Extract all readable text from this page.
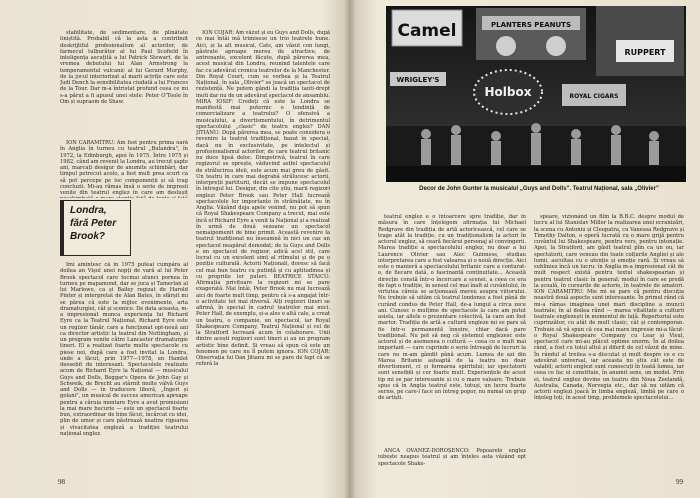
stabilitate, de sedimentare, de plinătate liniștită. Probabil că la asta a contribuit deskrijtiful profesionalism al actorilor, de farmecul tulburător al lui Paul Scofield în inteligența ascuțită a lui Patrick Stewart, de la vremea debutului lui Alan Armstrong la temperamentul vulcanic al lui Gerard Murphy, de la jocul interiorizat al marii actrițe care este Judi Dench la sensibilitatea ciudată a lui Frances de la Tour. Dar m-a întristat profund ceea ce mi s-a părut a fi apusul unei stele: Peter O'Toole în Om și supraom de Shaw.

ION CARAMITRU: Am fost pentru prima oară în Anglia în turneu cu teatrul „Bulandra", în 1972, la Edinburgh, apoi în 1975. Între 1975 și 1982, când am revenit la Londra, au trecut șapte ani, marcați desigur de anumite schimbări, dar timpul petrecut acolo, a fost mult prea scurt ca să pot percepe pe loc componenții și să trag concluzii. Mi-au rămas însă o serie de impresii venite din teatrul englez în care am deslușit

Londra, fără Peter Brook?

Îmi amintesc că în 1975 puteai cumpăra al doilea an Vișul unei nopți de vară al lui Peter Brook spectacol care tocmai atunci pornea în turneu pe mapamond, dar se juca și Tamerlan al lui Marlowe, ca și Bailey regizat de Harold Pinter și interpretat de Alan Bates, în sfârșit mi se părea că este la mijloc evenimente, arta dramaturgiei, cât și scenice. De data aceasta, m-a impresionat munca experiența lui Richard Eyre ca la Teatrul Național. Richard Eyre este un regizor tânăr, care a funcționat opt-nouă ani ca director artistic la teatrul din Nottingham, și un program venite către Lancaster dramaturgie tineri. El a realizat foarte multe spectacole cu piese noi, după care a fost invitat la Londra, unde a făcut, prin 1977—1978, un Hamlet deosebit de interesant. Spectacolele realizate acum de Richard Eyre la Național — musicalul Guys and Dolls, Beggar's Opera de John Gay și Schweik, de Brecht au stârnit multe vâlvă Guys and Dolls — în traducere liberă, „Îngeri și golani", un musical de succes american aproape pentru a căruia montare Eyre a avut promisiuni la mai mare bucurie — este un spectacol foarte bun, extraordinar de bine făcut, încărcat cu idei, plin de umor și care păstrează neatins rigoarea și vivacitatea engleză a tradiției teatrului național englez.

ION COJAR: Am văzut și eu Guys and Dolls, după ce mai întâi mă trimisese un trio teatrele bune. Aici, și la alt musical, Cats, am văzut con lungi, păstrate aproape mereu de atractive, de antrenante, excelent făcute, după părerea mea, acest musical din Londra, reunind talentele care fac cu adevărat cronica teatrelor de la Manchester. Din Royal Court, cum se vorbea și la Teatrul Național, în sala „Olivier" se joacă un spectacol de rezistență. Ne putem gândi la tradiția tanti-drept inuti dar nu de un adevărat spectacol de ansamblu. MIRA IOSIF: Credeți că este la Londra se manifestă mai puternic o tendință de comercializare a teatrului? O ofensivă a musicalului, a divertismentului, în detrimentul spectacolului „clasic" de teatru englez? DAN JITIANU: După părerea mea, se poate considera o revenire la teatrul tradițional, bazat în special, dacă nu în exclusivitate, pe intelectul și profesionalismul actorilor, de care teatrul britanic nu duce lipsă deloc. Dimpotrivă, teatrul în care regizorul se oprește, văduvind astfel spectacolul de strălucirea ideii, este acum mai greu de găsit. Un teatru în care mai degrabă strălucesc actorii, interpreții partiturii, decât se impune spectacolul în întregul lui. Desigur, din cite știu, marii regizori englezi Peter Brook sau Peter Hall lucrează spectacolele lor importante în străinătate, nu în Anglia. Văzând deja apele venind, nu pot să spun că Royal Shakespeare Company a trecut, mai este încă el Richard Eyre a venit la Național și a realizat în urmă de două sezoane un spectacol nemaipomenit de bine primit. Această revenire la teatrul tradițional nu înseamnă în nici un caz un spectacol neapărat demodat; de la Guys and Dolls e un spectacol de regizor, adică acel stil, care lucrat cu un excelent simț al ritmului și de pe o poziție culturală. Actorii Naționali, doresc să facă cel mai bun teatru cu putință și cu aptitudinea și cu propriile lor puteri. BEATRICE STAICU: Afirmația privitoare la regizori mi se pare exagerată. Mai întâi, Peter Brook nu mai lucrează aici de foarte mult timp, pentru că s-a angajat într-o activitate tot mai diversă. Alți regizori tineri se afirmă, în special în cadrul teatrelor mai mici. Peter Hall, de exemplu, și-a ales o altă cale, a creat un teatru, o companie, un spectacol, iar Royal Shakespeare Company, Teatrul Național și cel de la Stratford lucrează acum în colaborare. Unii dintre acești regizori sunt tineri și au un program artistic bine definit. Și vreau să spun că este un fenomen pe care nu îl putem ignora. ION COJAR: Observația lui Dan Jitianu mi se pare de fapt că se referă la

98
Camel	PLANTERS PEANUTS
RUPPERT
Holbox
WRIGLEY'S
ROYAL CIGARS
Decor de John Gunter la musicalul „Guys and Dolls". Teatrul Național, sala „Olivier"

teatrul englez e o întoarcere spre tradiție, dar în măsura în care înțelegem afirmația lui Michael Redgrave din tradiția de artă actoricească, cel care se trage atât la tradiție, cu un tradiționalism la actori în actorul englez, să ceară fiecărui personaj al convingerii. Marea tradiție a spectacolului englez, nu doar a lui Laurence Olivier sau Alec Guinness, studiau interpretarea care a fost valoarea și o nouă direcție. Aici este o manieră a spectacolului britanic care a conturat-o, de fiecare dată, o fascinantă continuitate... Această direcție constă într-o încercare a scenei, a ceea ce era de fapt o tradiție, în sensul cel mai înalt al cuvântului, în virtutea căreia se acționează mereu asupra viitorului. Nu trebuie să uităm că teatrul londonez a fost până de curând condus de Peter Hall, de-a lungul a circa zece ani. Cunosc o mulțime de spectacole la care am putut asista, iar altele o prezentare colectivă, la care am fost martor. Tradiția de artă a culturii engleze mi se pare să fie într-o permanentă înnoire, chiar dacă pare tradițional. Nu pot să neg că sistemul englezesc este actorul și de asemenea o cultură — ceea ce e mult mai important — care cuprinde o serie întreagă de lucruri la care nu m-am gândit până acum. Lumea de azi din Marea Britanie așteaptă de la teatru nu doar divertisment, ci și formarea spiritului; iar spectatorii sunt sensibili și cer foarte mult. Experiențele de acest tip mi se par interesante și cu o mare valoare. Trebuie spus că în Anglia teatrul este, totuși, un lucru foarte serios, pe care-l face un întreg popor, nu numai un grup de artiști.

ANCA OVANEZ-DOROȘENCO: Popoarele englez iubește neapus teatrul și am înțeles asta văzând opt spectacole Shake-

speare, vizionând un film la B.B.C. despre modul de lucru al lui Stanislav Miller la realizarea unei ecranizări, la scena cu Antoniu și Cleopatra, cu Vanessa Redgrave și Timothy Dalton, o operă lucrată cu o mare grijă pentru cuvântul lui Shakespeare, pentru vers, pentru intonație. Apoi, la Stratford, am găsit teatrul plin ca un ou, iar spectatorii, care veneau din toate colțurile Angliei și ale lumii, ascultau cu o atenție și emoție rară. Și vreau să subliniez încă un lucru: în Anglia m-a impresionat cât de mult respect există pentru textul shakespearian și pentru teatrul clasic în general; modul în care se predă la școală, în cursurile de actorie, în teatrele de amatori. ION CARAMITRU: Mie mi se pare că pentru discuția noastră două aspecte sunt interesante. În primul rând că mi-a rămas imaginea unei mari discipline a muncii teatrale; în al doilea rând — marea vitalitate a culturii teatrale englezești în momentul de față. Repertoriul este cuprinzător, cu atât de mult clasic, cât și contemporan. Trebuie să vă spun că cea mai mare impresie mi-a făcut-o Royal Shakespeare Company cu Lear și Visul, spectacol care mi-au plăcut optime enorm. În al doilea rând, a fost cu totul altul și diferit de cel văzut de mine. În rândul al treilea s-a discutat și mult despre ce e cu adevărat universal, iar aceasta nu știu cât este de valabil; actorii englezi sunt cunoscuți în toată lumea, iar ceea ce fac ei constituie, în anumit sens, un model. Prin ei, teatrul englez devine un teatru din Noua Zeelandă, Australia, Canada, Norvegia etc., dar să nu uităm că actorii englezi joacă în limba engleză, limbă pe care o înțeleg toți, în acest timp, problemele spectacolului…

99
